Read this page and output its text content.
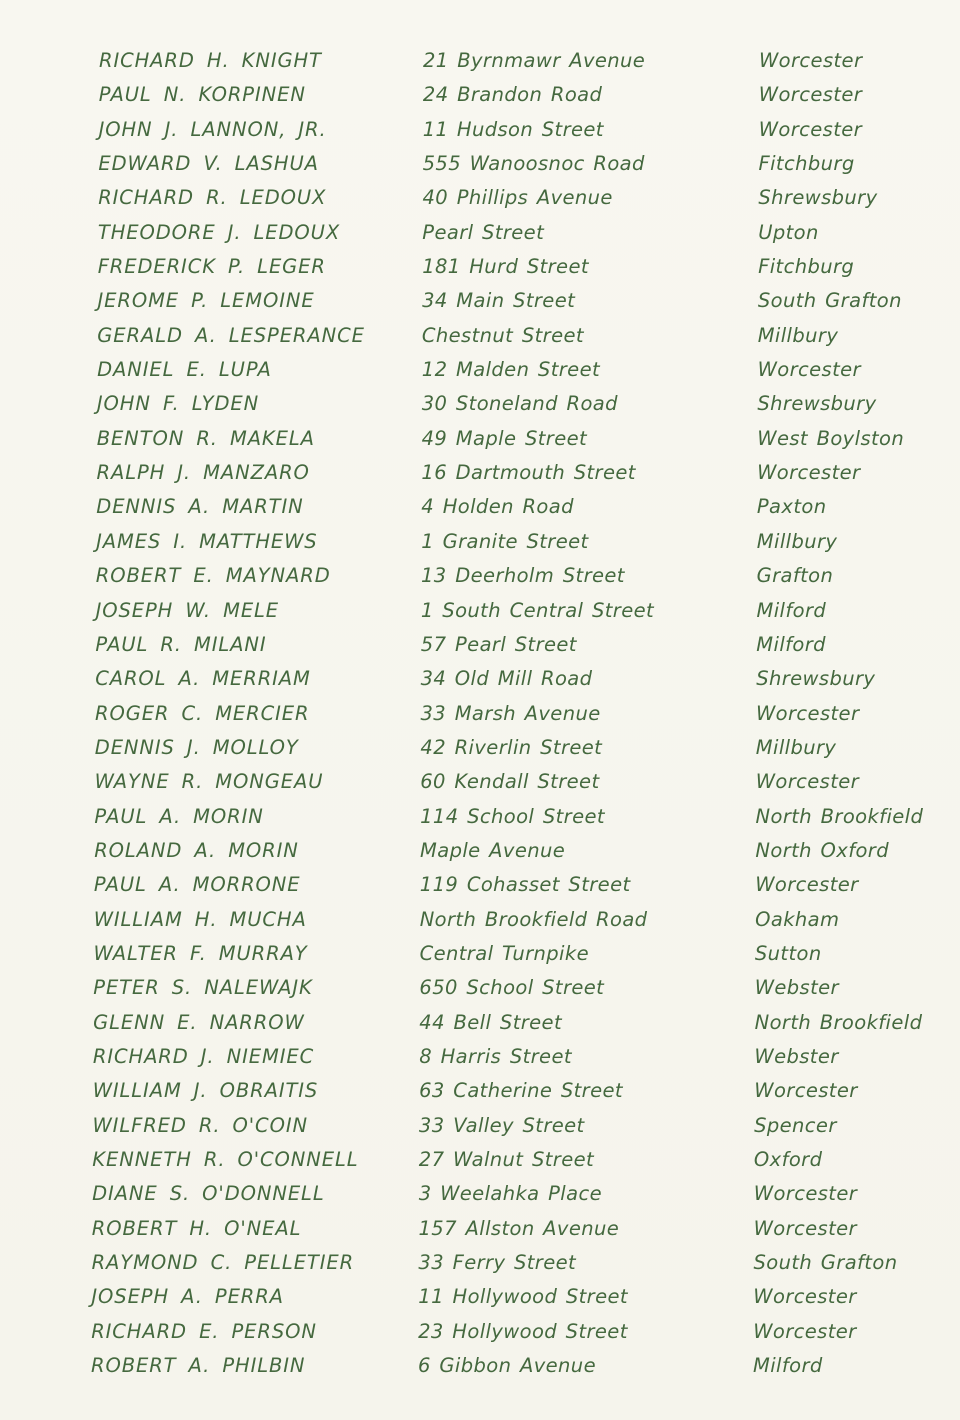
RICHARD H. KNIGHT	21 Byrnmawr Avenue	Worcester
PAUL N. KORPINEN	24 Brandon Road	Worcester
JOHN J. LANNON, JR.	11 Hudson Street	Worcester
EDWARD V. LASHUA	555 Wanoosnoc Road	Fitchburg
RICHARD R. LEDOUX	40 Phillips Avenue	Shrewsbury
THEODORE J. LEDOUX	Pearl Street	Upton
FREDERICK P. LEGER	181 Hurd Street	Fitchburg
JEROME P. LEMOINE	34 Main Street	South Grafton
GERALD A. LESPERANCE	Chestnut Street	Millbury
DANIEL E. LUPA	12 Malden Street	Worcester
JOHN F. LYDEN	30 Stoneland Road	Shrewsbury
BENTON R. MAKELA	49 Maple Street	West Boylston
RALPH J. MANZARO	16 Dartmouth Street	Worcester
DENNIS A. MARTIN	4 Holden Road	Paxton
JAMES I. MATTHEWS	1 Granite Street	Millbury
ROBERT E. MAYNARD	13 Deerholm Street	Grafton
JOSEPH W. MELE	1 South Central Street	Milford
PAUL R. MILANI	57 Pearl Street	Milford
CAROL A. MERRIAM	34 Old Mill Road	Shrewsbury
ROGER C. MERCIER	33 Marsh Avenue	Worcester
DENNIS J. MOLLOY	42 Riverlin Street	Millbury
WAYNE R. MONGEAU	60 Kendall Street	Worcester
PAUL A. MORIN	114 School Street	North Brookfield
ROLAND A. MORIN	Maple Avenue	North Oxford
PAUL A. MORRONE	119 Cohasset Street	Worcester
WILLIAM H. MUCHA	North Brookfield Road	Oakham
WALTER F. MURRAY	Central Turnpike	Sutton
PETER S. NALEWAJK	650 School Street	Webster
GLENN E. NARROW	44 Bell Street	North Brookfield
RICHARD J. NIEMIEC	8 Harris Street	Webster
WILLIAM J. OBRAITIS	63 Catherine Street	Worcester
WILFRED R. O'COIN	33 Valley Street	Spencer
KENNETH R. O'CONNELL	27 Walnut Street	Oxford
DIANE S. O'DONNELL	3 Weelahka Place	Worcester
ROBERT H. O'NEAL	157 Allston Avenue	Worcester
RAYMOND C. PELLETIER	33 Ferry Street	South Grafton
JOSEPH A. PERRA	11 Hollywood Street	Worcester
RICHARD E. PERSON	23 Hollywood Street	Worcester
ROBERT A. PHILBIN	6 Gibbon Avenue	Milford
